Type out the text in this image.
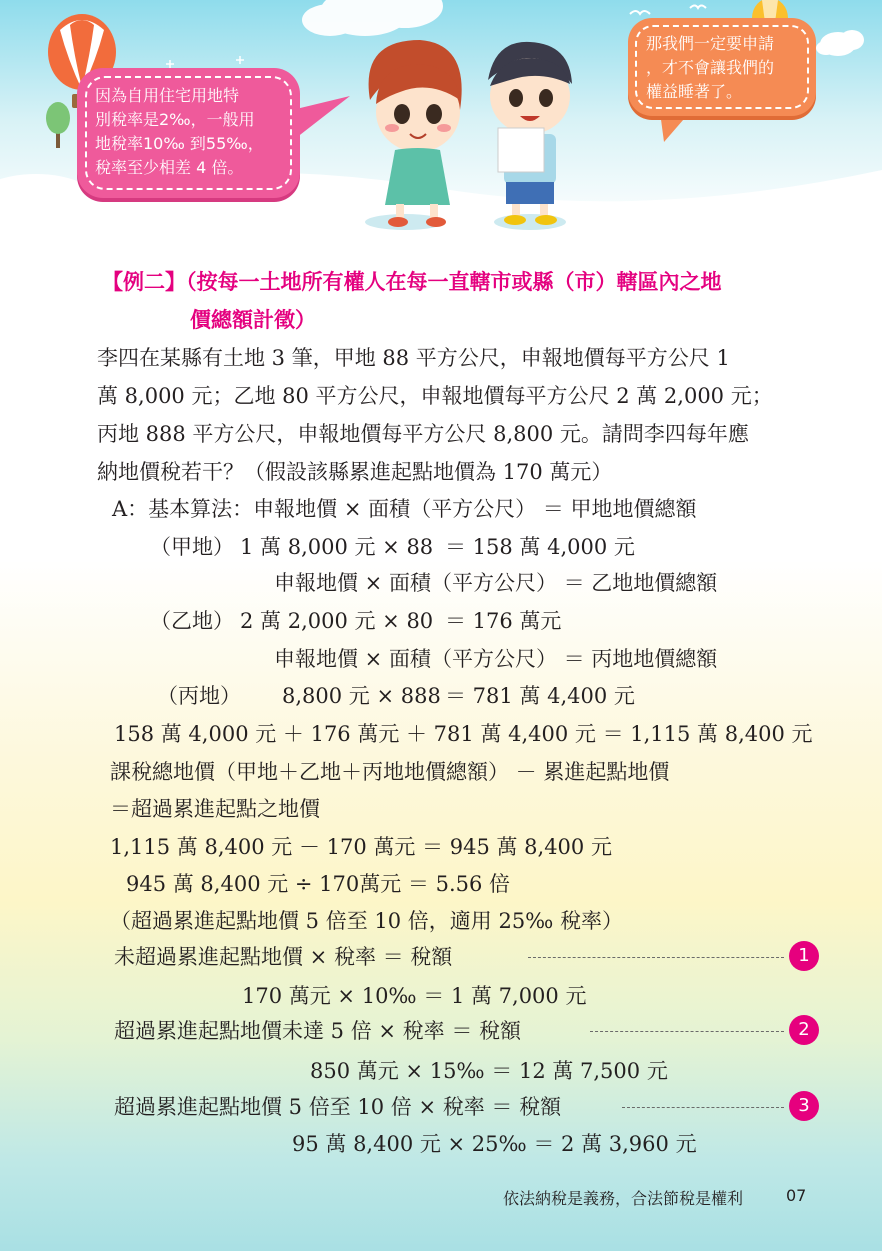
因為自用住宅用地特
別稅率是2‰，一般用
地稅率10‰ 到55‰，
稅率至少相差 4 倍。
那我們一定要申請
，才不會讓我們的
權益睡著了。
【例二】（按每一土地所有權人在每一直轄市或縣（市）轄區內之地
價總額計徵）
李四在某縣有土地 3 筆，甲地 88 平方公尺，申報地價每平方公尺 1
萬 8,000 元；乙地 80 平方公尺，申報地價每平方公尺 2 萬 2,000 元；
丙地 888 平方公尺，申報地價每平方公尺 8,800 元。請問李四每年應
納地價稅若干？（假設該縣累進起點地價為 170 萬元）
A：基本算法：申報地價 × 面積（平方公尺） ＝ 甲地地價總額
（甲地） 1 萬 8,000 元 × 88 ＝ 158 萬 4,000 元
申報地價 × 面積（平方公尺） ＝ 乙地地價總額
（乙地） 2 萬 2,000 元 × 80 ＝ 176 萬元
申報地價 × 面積（平方公尺） ＝ 丙地地價總額
（丙地） 8,800 元 × 888 ＝ 781 萬 4,400 元
158 萬 4,000 元 ＋ 176 萬元 ＋ 781 萬 4,400 元 ＝ 1,115 萬 8,400 元
課稅總地價（甲地＋乙地＋丙地地價總額） － 累進起點地價
＝超過累進起點之地價
1,115 萬 8,400 元 － 170 萬元 ＝ 945 萬 8,400 元
945 萬 8,400 元 ÷ 170萬元 ＝ 5.56 倍
（超過累進起點地價 5 倍至 10 倍，適用 25‰ 稅率）
未超過累進起點地價 × 稅率 ＝ 稅額	1
170 萬元 × 10‰ ＝ 1 萬 7,000 元
超過累進起點地價未達 5 倍 × 稅率 ＝ 稅額	2
850 萬元 × 15‰ ＝ 12 萬 7,500 元
超過累進起點地價 5 倍至 10 倍 × 稅率 ＝ 稅額	3
95 萬 8,400 元 × 25‰ ＝ 2 萬 3,960 元
依法納稅是義務，合法節稅是權利	07
